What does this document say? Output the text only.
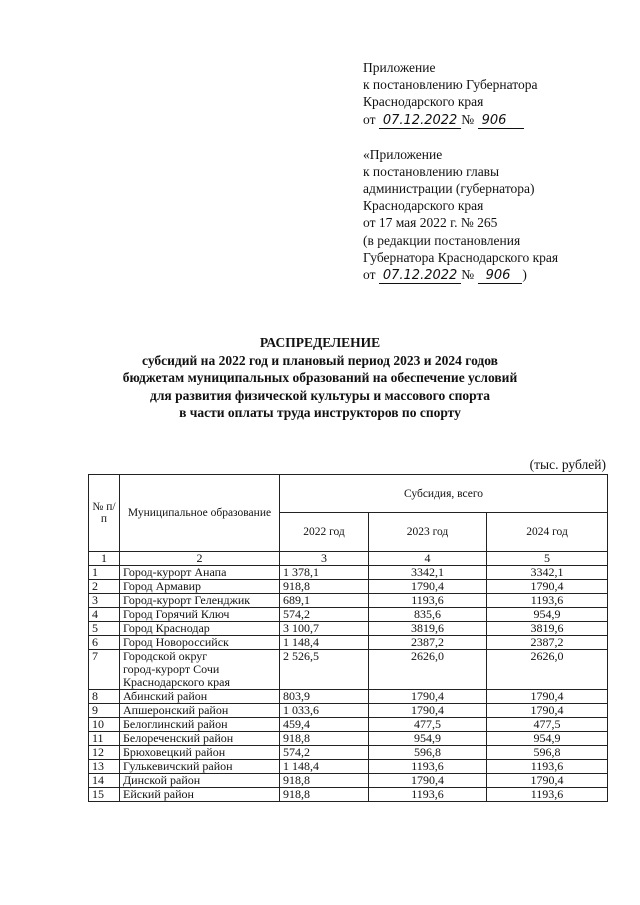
Приложение
к постановлению Губернатора
Краснодарского края
от 07.12.2022 № 906
«Приложение
к постановлению главы
администрации (губернатора)
Краснодарского края
от 17 мая 2022 г. № 265
(в редакции постановления
Губернатора Краснодарского края
от 07.12.2022 № 906 )
РАСПРЕДЕЛЕНИЕ
субсидий на 2022 год и плановый период 2023 и 2024 годов
бюджетам муниципальных образований на обеспечение условий
для развития физической культуры и массового спорта
в части оплаты труда инструкторов по спорту
(тыс. рублей)
№ п/п	Муниципальное образование	Субсидия, всего		
		2022 год	2023 год	2024 год
1	2	3	4	5
1	Город-курорт Анапа	1 378,1	3342,1	3342,1
2	Город Армавир	918,8	1790,4	1790,4
3	Город-курорт Геленджик	689,1	1193,6	1193,6
4	Город Горячий Ключ	574,2	835,6	954,9
5	Город Краснодар	3 100,7	3819,6	3819,6
6	Город Новороссийск	1 148,4	2387,2	2387,2
7	Городской округ
город-курорт Сочи
Краснодарского края	2 526,5	2626,0	2626,0
8	Абинский район	803,9	1790,4	1790,4
9	Апшеронский район	1 033,6	1790,4	1790,4
10	Белоглинский район	459,4	477,5	477,5
11	Белореченский район	918,8	954,9	954,9
12	Брюховецкий район	574,2	596,8	596,8
13	Гулькевичский район	1 148,4	1193,6	1193,6
14	Динской район	918,8	1790,4	1790,4
15	Ейский район	918,8	1193,6	1193,6
